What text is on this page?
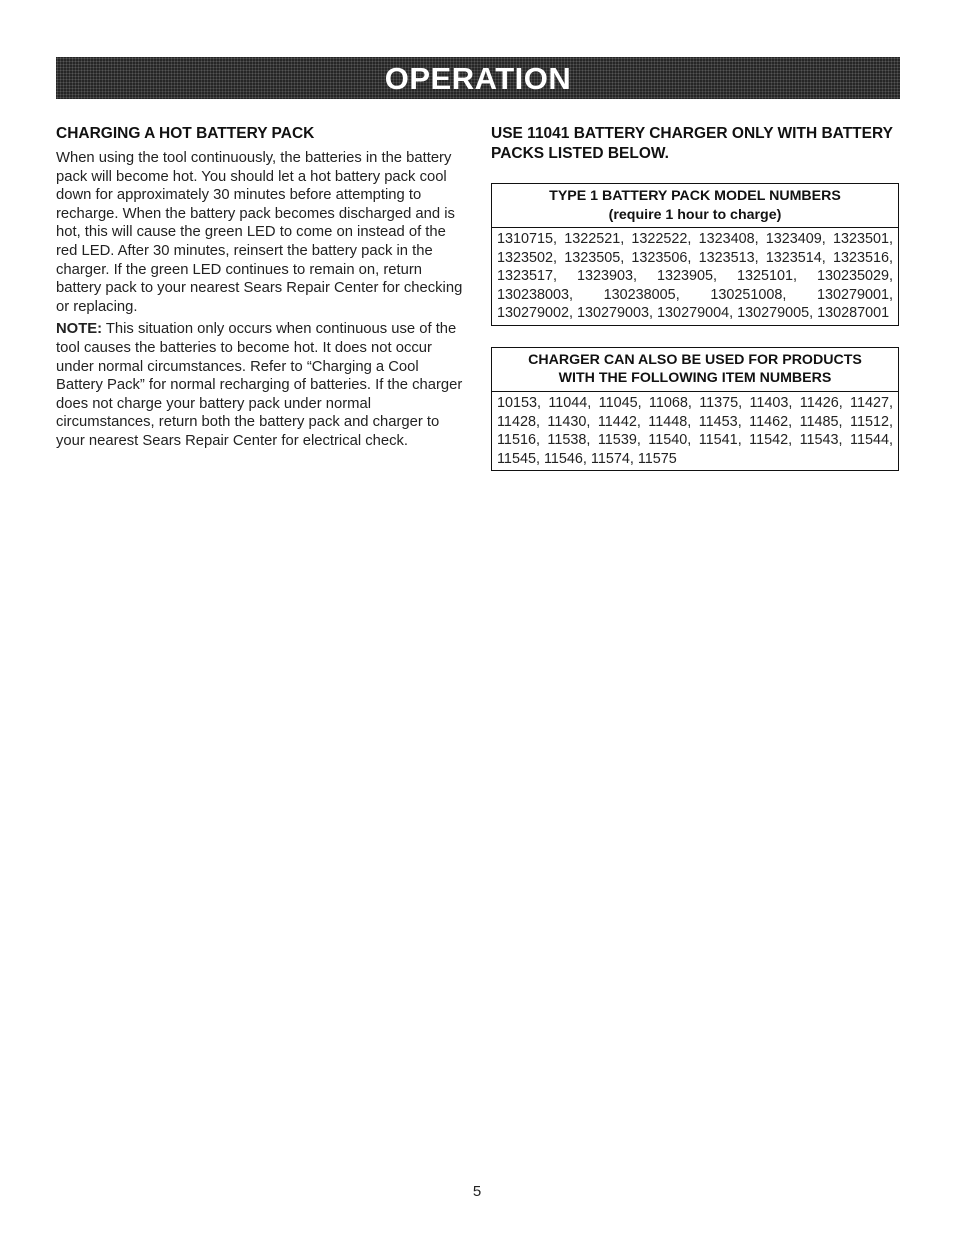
OPERATION
CHARGING A HOT BATTERY PACK

When using the tool continuously, the batteries in the battery pack will become hot. You should let a hot battery pack cool down for approximately 30 minutes before attempting to recharge. When the battery pack becomes discharged and is hot, this will cause the green LED to come on instead of the red LED. After 30 minutes, reinsert the battery pack in the charger. If the green LED continues to remain on, return battery pack to your nearest Sears Repair Center for checking or replacing.

NOTE: This situation only occurs when continuous use of the tool causes the batteries to become hot. It does not occur under normal circumstances. Refer to “Charging a Cool Battery Pack” for normal recharging of batteries. If the charger does not charge your battery pack under normal circumstances, return both the battery pack and charger to your nearest Sears Repair Center for electrical check.

USE 11041 BATTERY CHARGER ONLY WITH BATTERY PACKS LISTED BELOW.
TYPE 1 BATTERY PACK MODEL NUMBERS
(require 1 hour to charge)
1310715, 1322521, 1322522, 1323408, 1323409, 1323501, 1323502, 1323505, 1323506, 1323513, 1323514, 1323516, 1323517, 1323903, 1323905, 1325101, 130235029, 130238003, 130238005, 130251008, 130279001, 130279002, 130279003, 130279004, 130279005, 130287001
CHARGER CAN ALSO BE USED FOR PRODUCTS
WITH THE FOLLOWING ITEM NUMBERS
10153, 11044, 11045, 11068, 11375, 11403, 11426, 11427, 11428, 11430, 11442, 11448, 11453, 11462, 11485, 11512, 11516, 11538, 11539, 11540, 11541, 11542, 11543, 11544, 11545, 11546, 11574, 11575
5
